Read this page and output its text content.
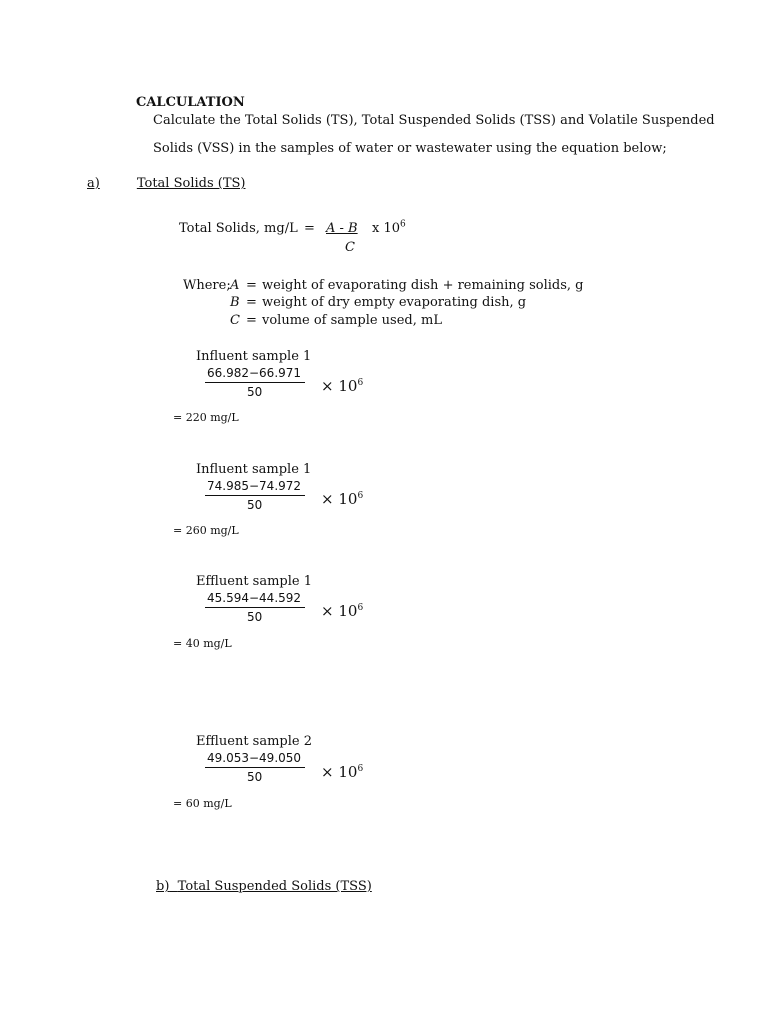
CALCULATION
Calculate the Total Solids (TS), Total Suspended Solids (TSS) and Volatile Suspended
Solids (VSS) in the samples of water or wastewater using the equation below;
a)	Total Solids (TS)
Total Solids, mg/L = A - B
C
x $10^6$
Where; A = weight of evaporating dish + remaining solids, g
B = weight of dry empty evaporating dish, g
C = volume of sample used, mL
Influent sample 1
66.982−66.971
50	× $10^6$
= 220 mg/L
Influent sample 1
74.985−74.972
50	× $10^6$
= 260 mg/L
Effluent sample 1
45.594−44.592
50	× $10^6$
= 40 mg/L
Effluent sample 2
49.053−49.050
50	× $10^6$
= 60 mg/L
b) Total Suspended Solids (TSS)
